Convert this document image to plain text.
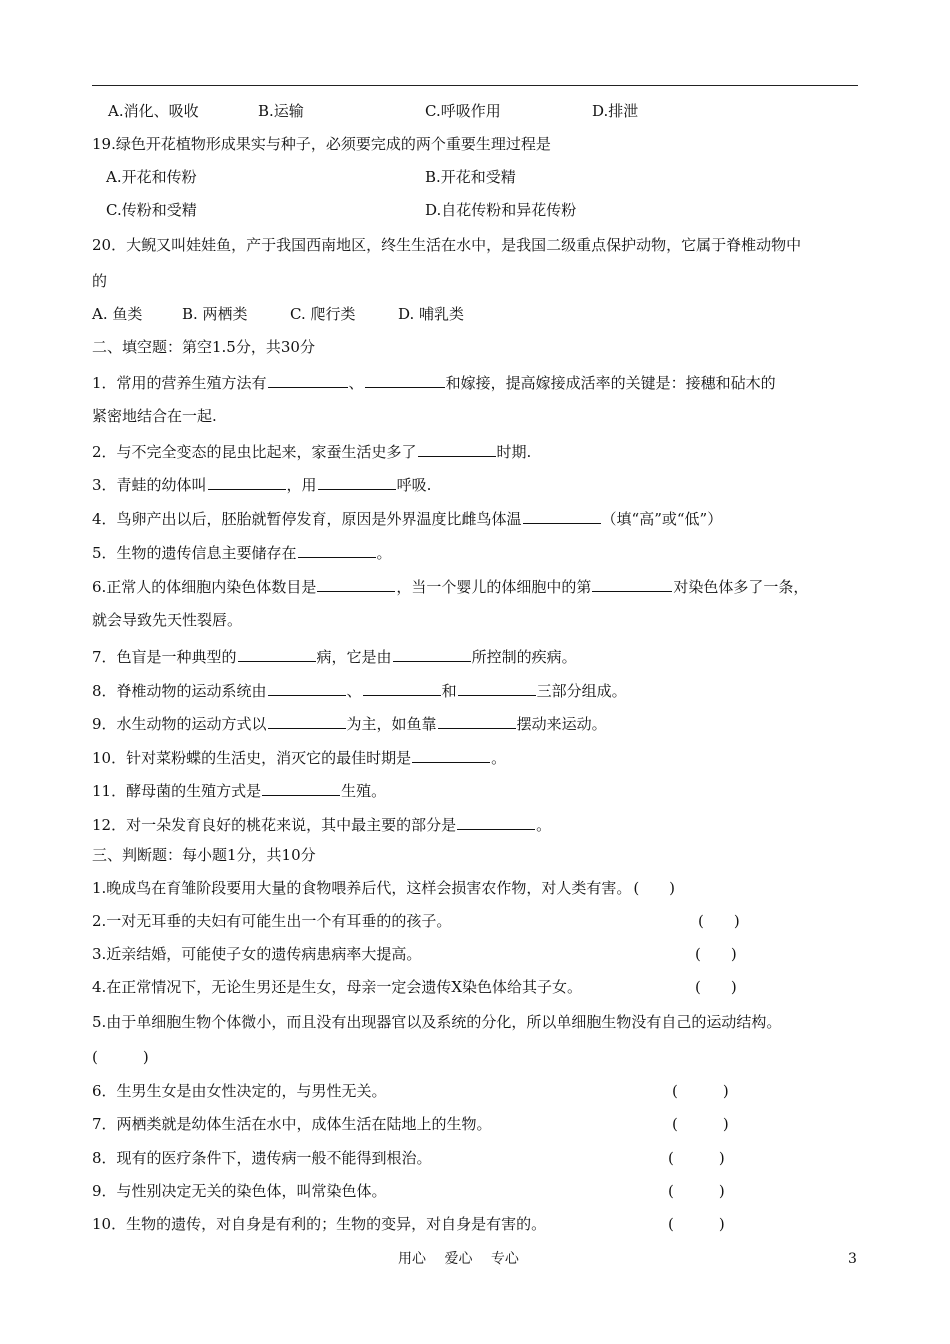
A.消化、吸收	B.运输	C.呼吸作用	D.排泄
19.绿色开花植物形成果实与种子，必须要完成的两个重要生理过程是
A.开花和传粉	B.开花和受精
C.传粉和受精	D.自花传粉和异花传粉
20．大鲵又叫娃娃鱼，产于我国西南地区，终生生活在水中，是我国二级重点保护动物，它属于脊椎动物中
的
A. 鱼类	B. 两栖类	C. 爬行类	D. 哺乳类
二、填空题：第空1.5分，共30分
1．常用的营养生殖方法有	、	和嫁接，提高嫁接成活率的关键是：接穗和砧木的
紧密地结合在一起.
2．与不完全变态的昆虫比起来，家蚕生活史多了	时期.
3．青蛙的幼体叫	，用	呼吸.
4．鸟卵产出以后，胚胎就暂停发育，原因是外界温度比雌鸟体温	（填“高”或“低”）
5．生物的遗传信息主要储存在	。
6.正常人的体细胞内染色体数目是	，当一个婴儿的体细胞中的第	对染色体多了一条，
就会导致先天性裂唇。
7．色盲是一种典型的	病，它是由	所控制的疾病。
8．脊椎动物的运动系统由	、	和	三部分组成。
9．水生动物的运动方式以	为主，如鱼靠	摆动来运动。
10．针对菜粉蝶的生活史，消灭它的最佳时期是	。
11．酵母菌的生殖方式是	生殖。
12．对一朵发育良好的桃花来说，其中最主要的部分是	。
三、判断题：每小题1分，共10分
1.晚成鸟在育雏阶段要用大量的食物喂养后代，这样会损害农作物，对人类有害。 (　　)
2.一对无耳垂的夫妇有可能生出一个有耳垂的的孩子。	(　　)
3.近亲结婚，可能使子女的遗传病患病率大提高。	(　　)
4.在正常情况下，无论生男还是生女，母亲一定会遗传X染色体给其子女。	(　　)
5.由于单细胞生物个体微小，而且没有出现器官以及系统的分化，所以单细胞生物没有自己的运动结构。
(　　　)
6．生男生女是由女性决定的，与男性无关。	(　　　)
7．两栖类就是幼体生活在水中，成体生活在陆地上的生物。	(　　　)
8．现有的医疗条件下，遗传病一般不能得到根治。	(　　　)
9．与性别决定无关的染色体，叫常染色体。	(　　　)
10．生物的遗传，对自身是有利的；生物的变异，对自身是有害的。	(　　　)
用心　 爱心　 专心	3
